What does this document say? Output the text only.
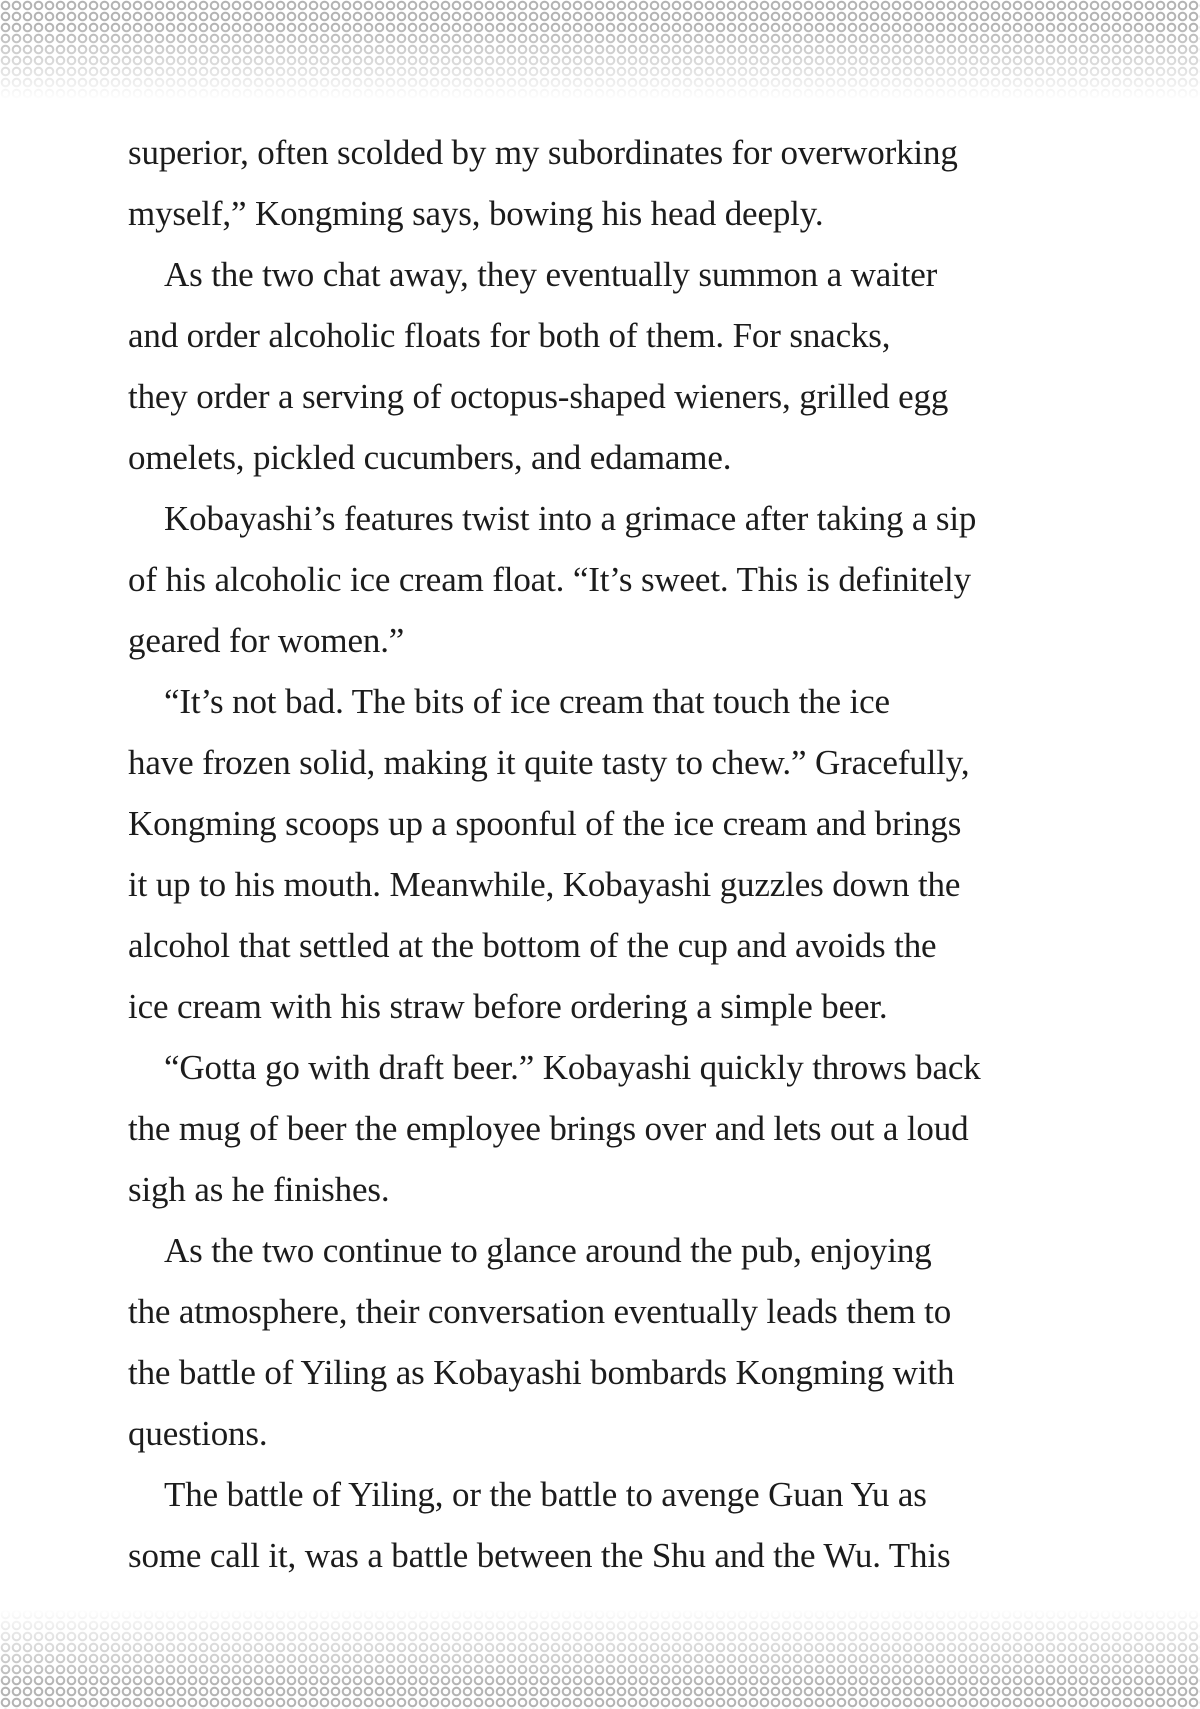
superior, often scolded by my subordinates for overworking
myself,” Kongming says, bowing his head deeply.
As the two chat away, they eventually summon a waiter
and order alcoholic floats for both of them. For snacks,
they order a serving of octopus-shaped wieners, grilled egg
omelets, pickled cucumbers, and edamame.
Kobayashi’s features twist into a grimace after taking a sip
of his alcoholic ice cream float. “It’s sweet. This is definitely
geared for women.”
“It’s not bad. The bits of ice cream that touch the ice
have frozen solid, making it quite tasty to chew.” Gracefully,
Kongming scoops up a spoonful of the ice cream and brings
it up to his mouth. Meanwhile, Kobayashi guzzles down the
alcohol that settled at the bottom of the cup and avoids the
ice cream with his straw before ordering a simple beer.
“Gotta go with draft beer.” Kobayashi quickly throws back
the mug of beer the employee brings over and lets out a loud
sigh as he finishes.
As the two continue to glance around the pub, enjoying
the atmosphere, their conversation eventually leads them to
the battle of Yiling as Kobayashi bombards Kongming with
questions.
The battle of Yiling, or the battle to avenge Guan Yu as
some call it, was a battle between the Shu and the Wu. This
